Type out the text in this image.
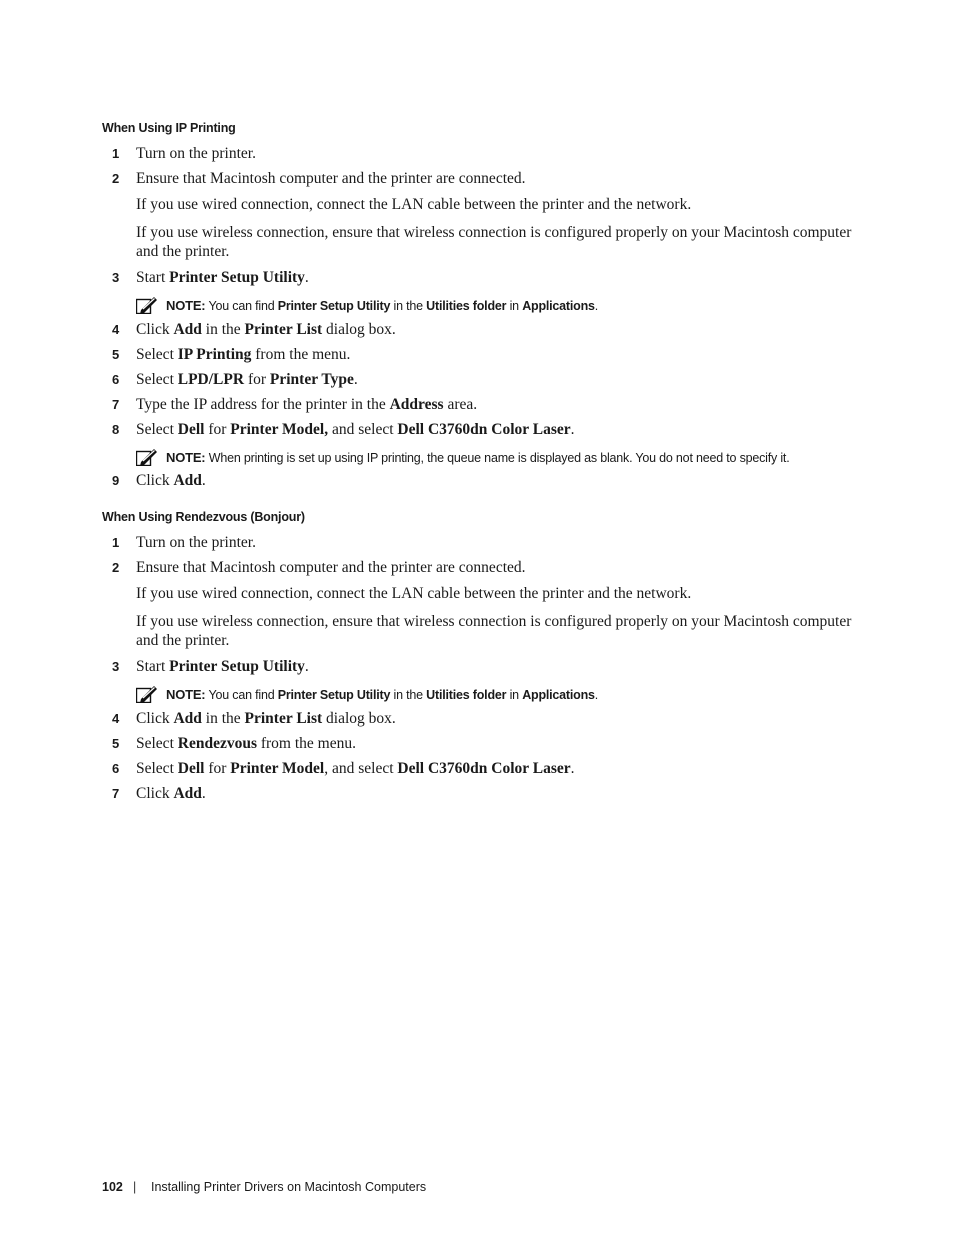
When Using IP Printing
1 Turn on the printer.
2 Ensure that Macintosh computer and the printer are connected.
If you use wired connection, connect the LAN cable between the printer and the network.
If you use wireless connection, ensure that wireless connection is configured properly on your Macintosh computer and the printer.
3 Start Printer Setup Utility.
NOTE: You can find Printer Setup Utility in the Utilities folder in Applications.
4 Click Add in the Printer List dialog box.
5 Select IP Printing from the menu.
6 Select LPD/LPR for Printer Type.
7 Type the IP address for the printer in the Address area.
8 Select Dell for Printer Model, and select Dell C3760dn Color Laser.
NOTE: When printing is set up using IP printing, the queue name is displayed as blank. You do not need to specify it.
9 Click Add.
When Using Rendezvous (Bonjour)
1 Turn on the printer.
2 Ensure that Macintosh computer and the printer are connected.
If you use wired connection, connect the LAN cable between the printer and the network.
If you use wireless connection, ensure that wireless connection is configured properly on your Macintosh computer and the printer.
3 Start Printer Setup Utility.
NOTE: You can find Printer Setup Utility in the Utilities folder in Applications.
4 Click Add in the Printer List dialog box.
5 Select Rendezvous from the menu.
6 Select Dell for Printer Model, and select Dell C3760dn Color Laser.
7 Click Add.
102 | Installing Printer Drivers on Macintosh Computers
